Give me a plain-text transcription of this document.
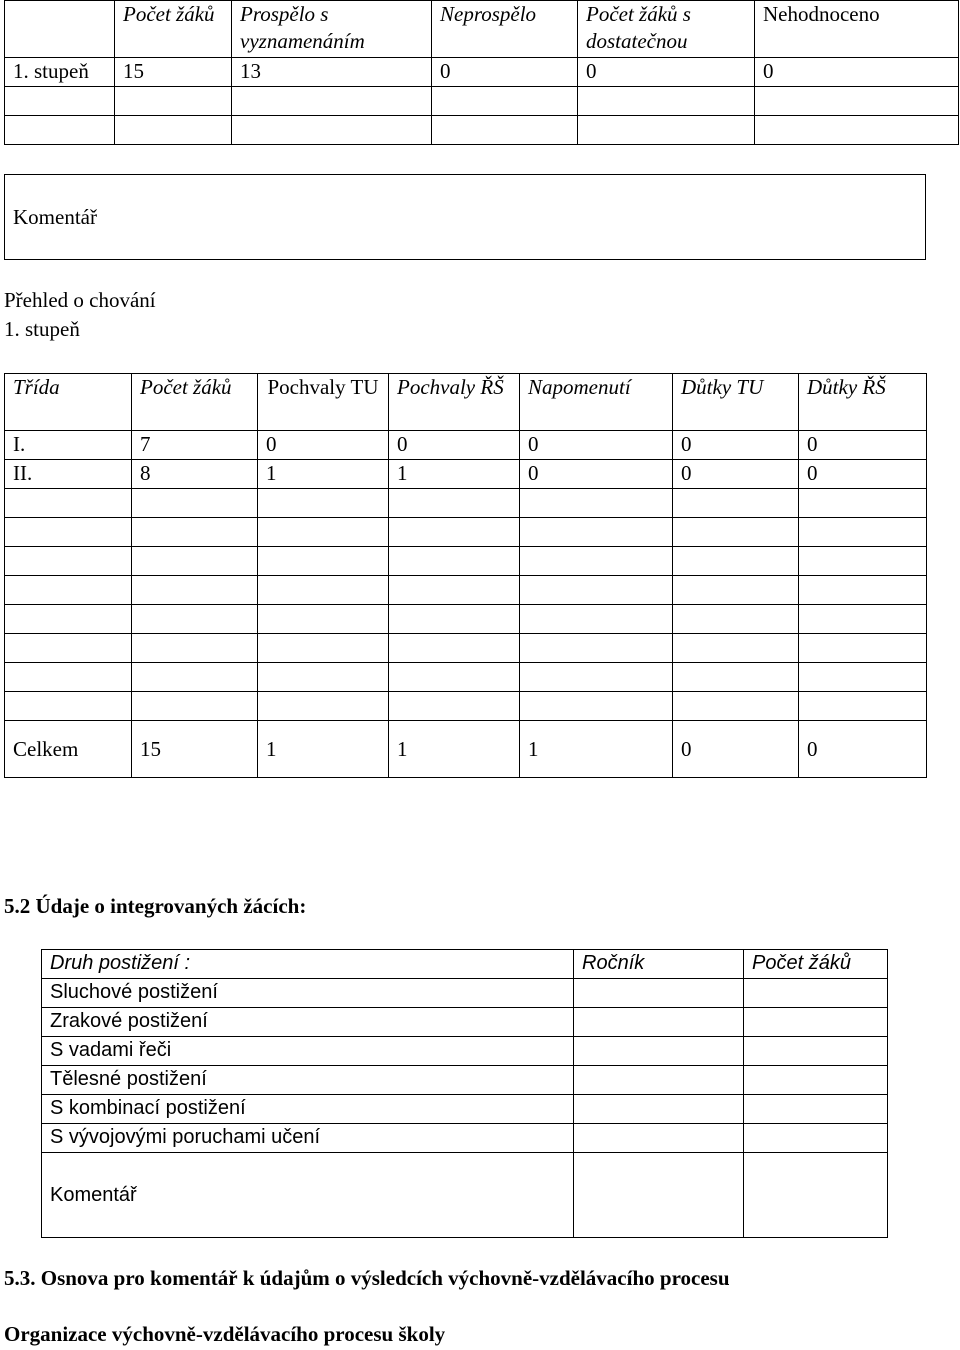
	Počet žáků	Prospělo s vyznamenáním	Neprospělo	Počet žáků s dostatečnou	Nehodnoceno
1. stupeň	15	13	0	0	0

Komentář
Přehled o chování
1. stupeň
Třída	Počet žáků	Pochvaly TU	Pochvaly ŘŠ	Napomenutí	Důtky TU	Důtky ŘŠ
I.	7	0	0	0	0	0
II.	8	1	1	0	0	0

Celkem	15	1	1	1	0	0
5.2 Údaje o integrovaných žácích:
Druh postižení :	Ročník	Počet žáků
Sluchové postižení		
Zrakové postižení		
S vadami řeči		
Tělesné postižení		
S kombinací postižení		
S vývojovými poruchami učení		
Komentář		
5.3. Osnova pro komentář k údajům o výsledcích výchovně-vzdělávacího procesu
Organizace výchovně-vzdělávacího procesu školy
